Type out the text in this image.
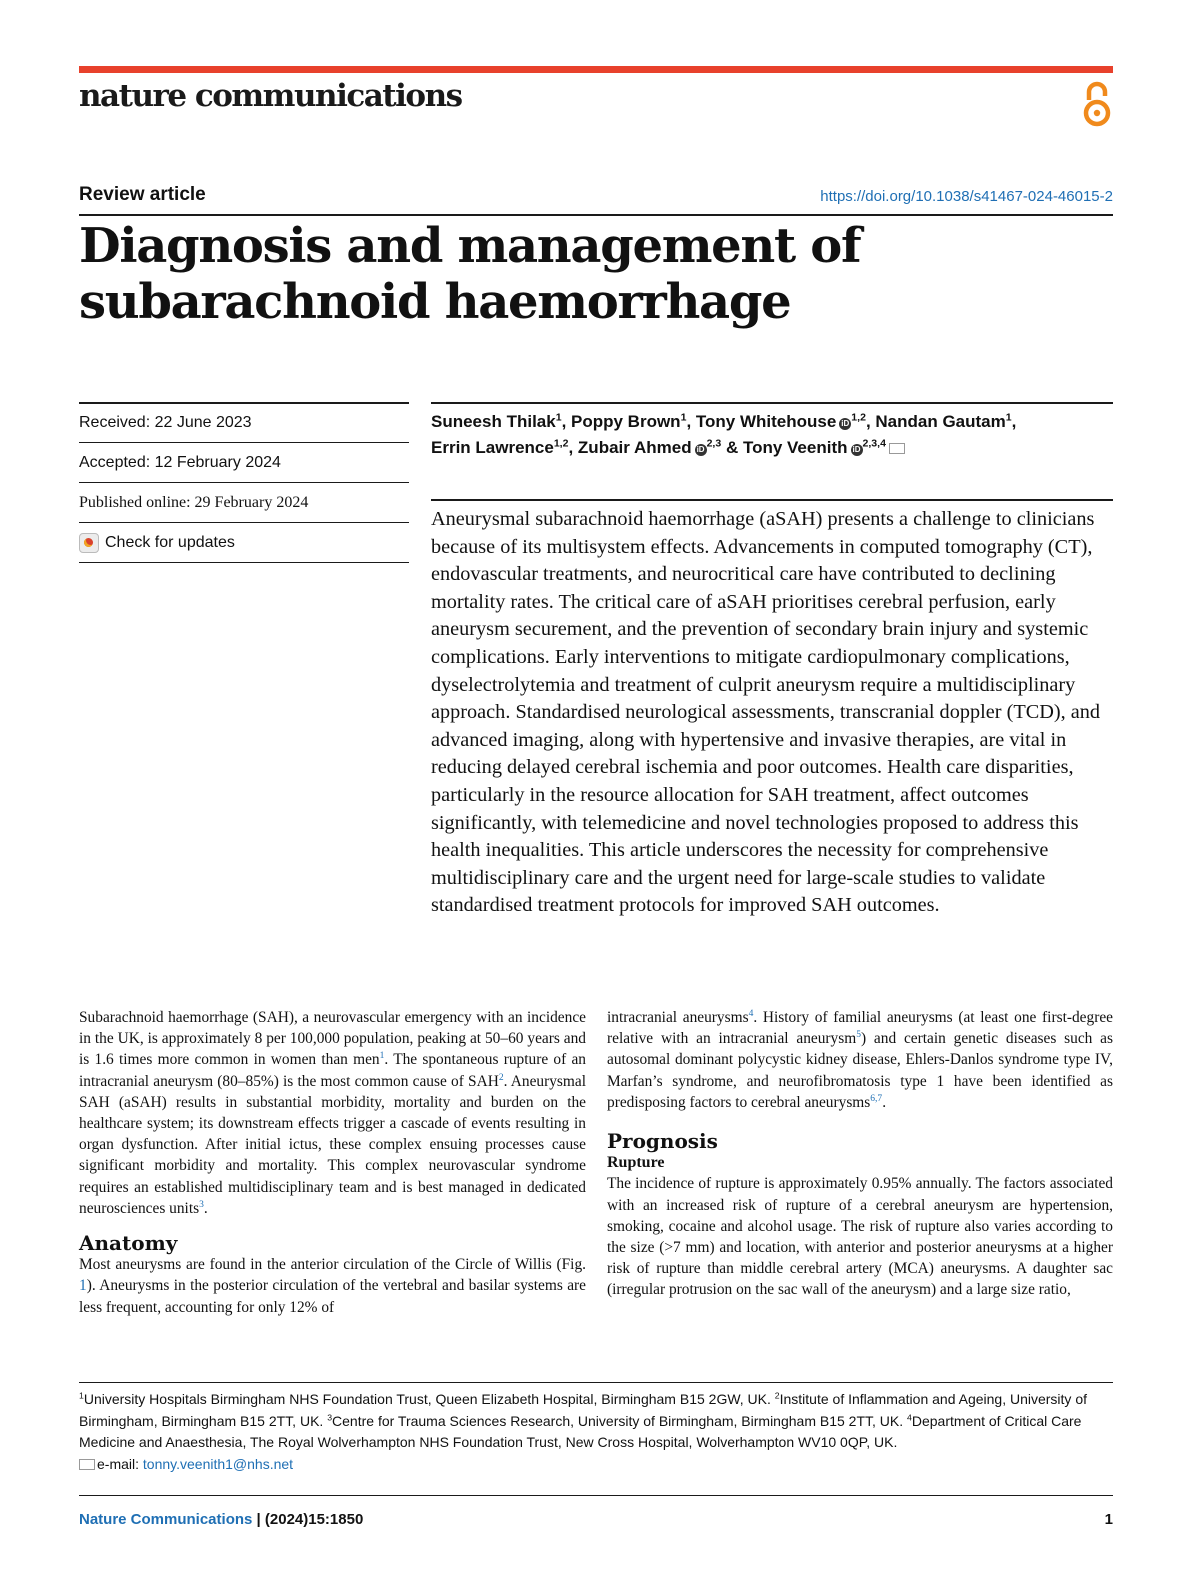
nature communications
Review article	https://doi.org/10.1038/s41467-024-46015-2
Diagnosis and management of subarachnoid haemorrhage
Received: 22 June 2023
Accepted: 12 February 2024
Published online: 29 February 2024
Check for updates
Suneesh Thilak$^1$, Poppy Brown$^1$, Tony Whitehouse iD$^{1,2}$, Nandan Gautam$^1$,
Errin Lawrence$^{1,2}$, Zubair Ahmed iD$^{2,3}$ & Tony Veenith iD$^{2,3,4}$

Aneurysmal subarachnoid haemorrhage (aSAH) presents a challenge to clinicians because of its multisystem effects. Advancements in computed tomography (CT), endovascular treatments, and neurocritical care have contributed to declining mortality rates. The critical care of aSAH prioritises cerebral perfusion, early aneurysm securement, and the prevention of secondary brain injury and systemic complications. Early interventions to mitigate cardiopulmonary complications, dyselectrolytemia and treatment of culprit aneurysm require a multidisciplinary approach. Standardised neurological assessments, transcranial doppler (TCD), and advanced imaging, along with hypertensive and invasive therapies, are vital in reducing delayed cerebral ischemia and poor outcomes. Health care disparities, particularly in the resource allocation for SAH treatment, affect outcomes significantly, with telemedicine and novel technologies proposed to address this health inequalities. This article underscores the necessity for comprehensive multidisciplinary care and the urgent need for large-scale studies to validate standardised treatment protocols for improved SAH outcomes.

Subarachnoid haemorrhage (SAH), a neurovascular emergency with an incidence in the UK, is approximately 8 per 100,000 population, peaking at 50–60 years and is 1.6 times more common in women than men$^1$. The spontaneous rupture of an intracranial aneurysm (80–85%) is the most common cause of SAH$^2$. Aneurysmal SAH (aSAH) results in substantial morbidity, mortality and burden on the healthcare system; its downstream effects trigger a cascade of events resulting in organ dysfunction. After initial ictus, these complex ensuing processes cause significant morbidity and mortality. This complex neurovascular syndrome requires an established multidisciplinary team and is best managed in dedicated neurosciences units$^3$.

Anatomy

Most aneurysms are found in the anterior circulation of the Circle of Willis (Fig. 1). Aneurysms in the posterior circulation of the vertebral and basilar systems are less frequent, accounting for only 12% of

intracranial aneurysms$^4$. History of familial aneurysms (at least one first-degree relative with an intracranial aneurysm$^5$) and certain genetic diseases such as autosomal dominant polycystic kidney disease, Ehlers-Danlos syndrome type IV, Marfan’s syndrome, and neurofibromatosis type 1 have been identified as predisposing factors to cerebral aneurysms$^{6,7}$.

Prognosis
Rupture

The incidence of rupture is approximately 0.95% annually. The factors associated with an increased risk of rupture of a cerebral aneurysm are hypertension, smoking, cocaine and alcohol usage. The risk of rupture also varies according to the size (>7 mm) and location, with anterior and posterior aneurysms at a higher risk of rupture than middle cerebral artery (MCA) aneurysms. A daughter sac (irregular protrusion on the sac wall of the aneurysm) and a large size ratio,

$^1$University Hospitals Birmingham NHS Foundation Trust, Queen Elizabeth Hospital, Birmingham B15 2GW, UK. $^2$Institute of Inflammation and Ageing, University of Birmingham, Birmingham B15 2TT, UK. $^3$Centre for Trauma Sciences Research, University of Birmingham, Birmingham B15 2TT, UK. $^4$Department of Critical Care Medicine and Anaesthesia, The Royal Wolverhampton NHS Foundation Trust, New Cross Hospital, Wolverhampton WV10 0QP, UK.
e-mail: tonny.veenith1@nhs.net

Nature Communications | (2024)15:1850	1
